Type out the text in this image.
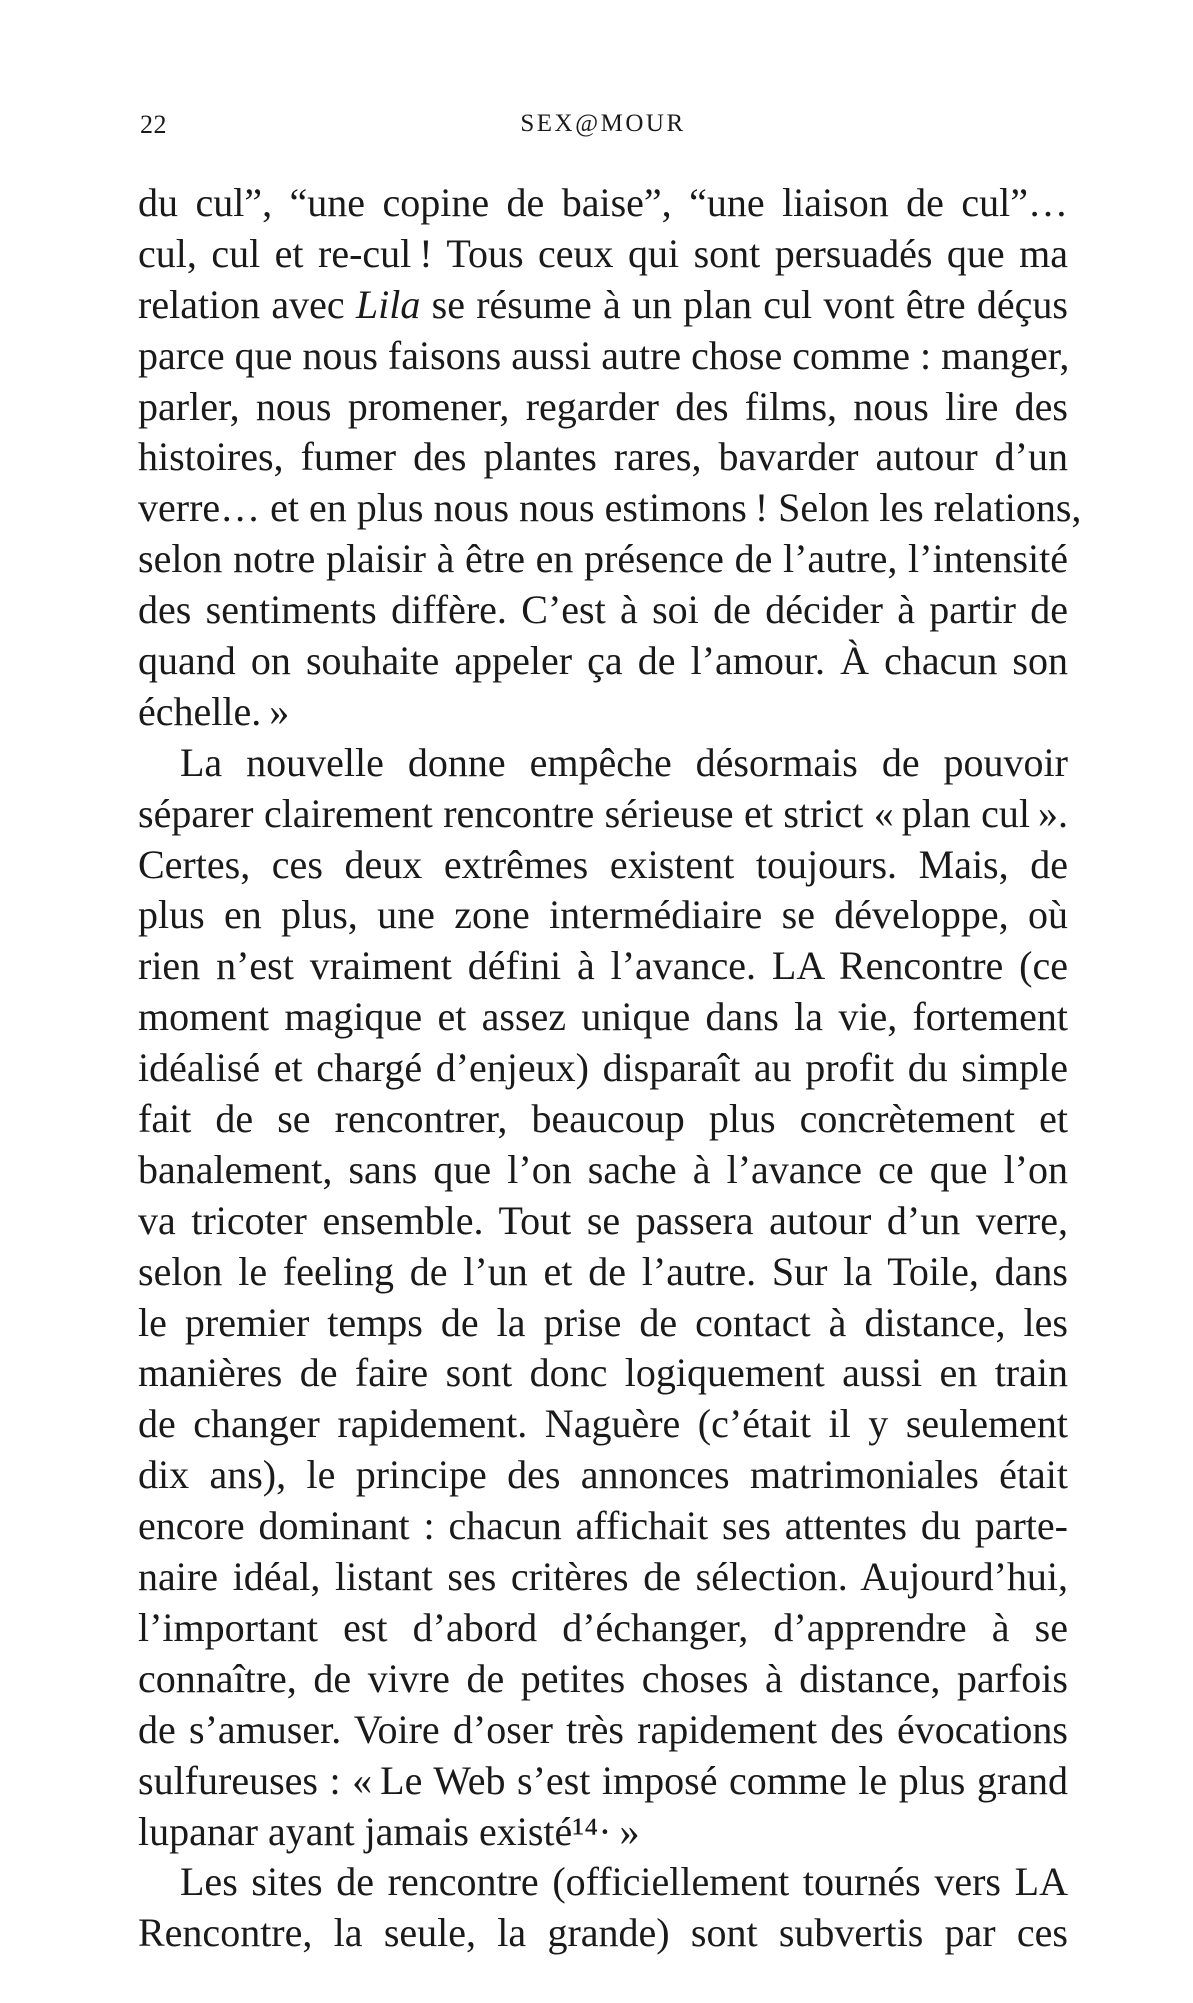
22	SEX@MOUR
du cul”, “une copine de baise”, “une liaison de cul”…
cul, cul et re-cul ! Tous ceux qui sont persuadés que ma
relation avec Lila se résume à un plan cul vont être déçus
parce que nous faisons aussi autre chose comme : manger,
parler, nous promener, regarder des films, nous lire des
histoires, fumer des plantes rares, bavarder autour d’un
verre… et en plus nous nous estimons ! Selon les relations,
selon notre plaisir à être en présence de l’autre, l’intensité
des sentiments diffère. C’est à soi de décider à partir de
quand on souhaite appeler ça de l’amour. À chacun son
échelle. »
La nouvelle donne empêche désormais de pouvoir
séparer clairement rencontre sérieuse et strict « plan cul ».
Certes, ces deux extrêmes existent toujours. Mais, de
plus en plus, une zone intermédiaire se développe, où
rien n’est vraiment défini à l’avance. LA Rencontre (ce
moment magique et assez unique dans la vie, fortement
idéalisé et chargé d’enjeux) disparaît au profit du simple
fait de se rencontrer, beaucoup plus concrètement et
banalement, sans que l’on sache à l’avance ce que l’on
va tricoter ensemble. Tout se passera autour d’un verre,
selon le feeling de l’un et de l’autre. Sur la Toile, dans
le premier temps de la prise de contact à distance, les
manières de faire sont donc logiquement aussi en train
de changer rapidement. Naguère (c’était il y seulement
dix ans), le principe des annonces matrimoniales était
encore dominant : chacun affichait ses attentes du parte-
naire idéal, listant ses critères de sélection. Aujourd’hui,
l’important est d’abord d’échanger, d’apprendre à se
connaître, de vivre de petites choses à distance, parfois
de s’amuser. Voire d’oser très rapidement des évocations
sulfureuses : « Le Web s’est imposé comme le plus grand
lupanar ayant jamais existé¹⁴· »
Les sites de rencontre (officiellement tournés vers LA
Rencontre, la seule, la grande) sont subvertis par ces
